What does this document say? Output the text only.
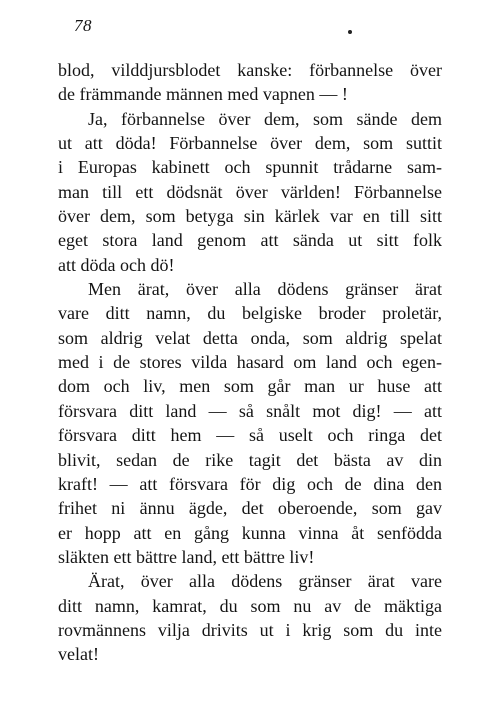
78
blod, vilddjursblodet kanske: förbannelse över
de främmande männen med vapnen — !
Ja, förbannelse över dem, som sände dem
ut att döda! Förbannelse över dem, som suttit
i Europas kabinett och spunnit trådarne sam-
man till ett dödsnät över världen! Förbannelse
över dem, som betyga sin kärlek var en till sitt
eget stora land genom att sända ut sitt folk
att döda och dö!
Men ärat, över alla dödens gränser ärat
vare ditt namn, du belgiske broder proletär,
som aldrig velat detta onda, som aldrig spelat
med i de stores vilda hasard om land och egen-
dom och liv, men som går man ur huse att
försvara ditt land — så snålt mot dig! — att
försvara ditt hem — så uselt och ringa det
blivit, sedan de rike tagit det bästa av din
kraft! — att försvara för dig och de dina den
frihet ni ännu ägde, det oberoende, som gav
er hopp att en gång kunna vinna åt senfödda
släkten ett bättre land, ett bättre liv!
Ärat, över alla dödens gränser ärat vare
ditt namn, kamrat, du som nu av de mäktiga
rovmännens vilja drivits ut i krig som du inte
velat!
